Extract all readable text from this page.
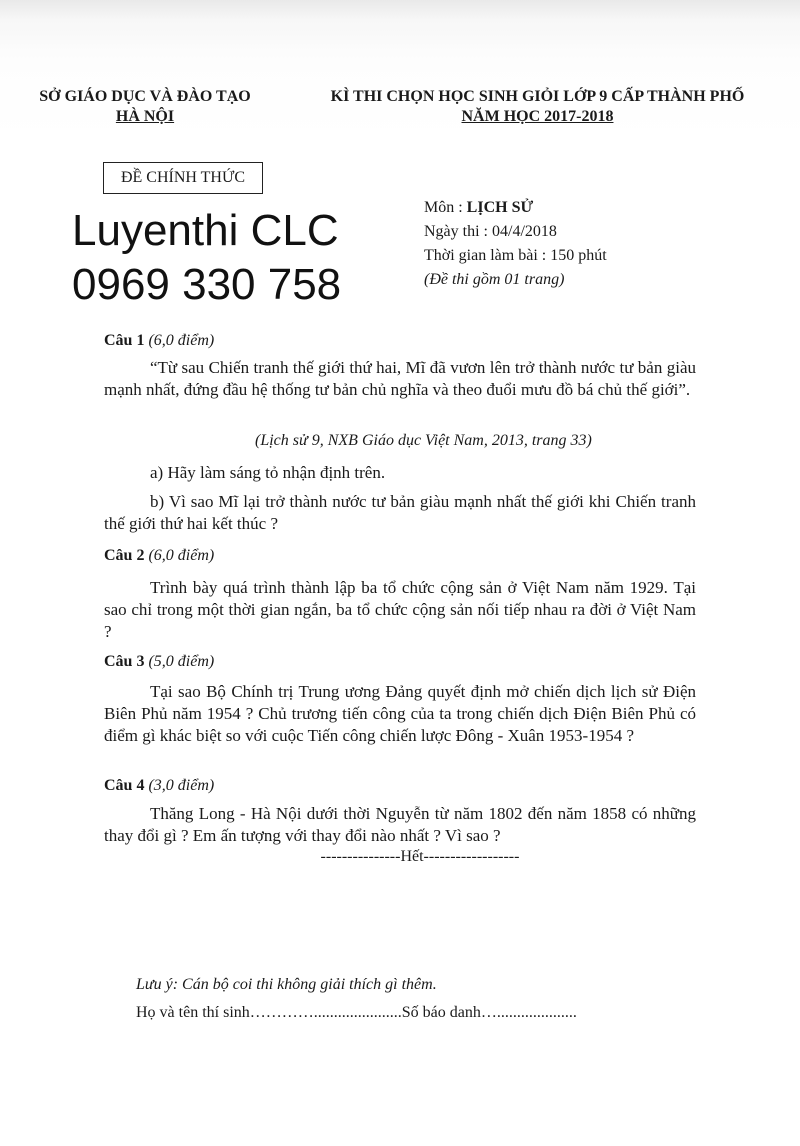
SỞ GIÁO DỤC VÀ ĐÀO TẠO
HÀ NỘI
KÌ THI CHỌN HỌC SINH GIỎI LỚP 9 CẤP THÀNH PHỐ
NĂM HỌC 2017-2018
ĐỀ CHÍNH THỨC
Luyenthi CLC
0969 330 758
Môn : LỊCH SỬ
Ngày thi : 04/4/2018
Thời gian làm bài : 150 phút
(Đề thi gồm 01 trang)
Câu 1 (6,0 điểm)
“Từ sau Chiến tranh thế giới thứ hai, Mĩ đã vươn lên trở thành nước tư bản giàu mạnh nhất, đứng đầu hệ thống tư bản chủ nghĩa và theo đuổi mưu đồ bá chủ thế giới”.
(Lịch sử 9, NXB Giáo dục Việt Nam, 2013, trang 33)
a) Hãy làm sáng tỏ nhận định trên.
b) Vì sao Mĩ lại trở thành nước tư bản giàu mạnh nhất thế giới khi Chiến tranh thế giới thứ hai kết thúc ?
Câu 2 (6,0 điểm)
Trình bày quá trình thành lập ba tổ chức cộng sản ở Việt Nam năm 1929. Tại sao chỉ trong một thời gian ngắn, ba tổ chức cộng sản nối tiếp nhau ra đời ở Việt Nam ?
Câu 3 (5,0 điểm)
Tại sao Bộ Chính trị Trung ương Đảng quyết định mở chiến dịch lịch sử Điện Biên Phủ năm 1954 ? Chủ trương tiến công của ta trong chiến dịch Điện Biên Phủ có điểm gì khác biệt so với cuộc Tiến công chiến lược Đông - Xuân 1953-1954 ?
Câu 4 (3,0 điểm)
Thăng Long - Hà Nội dưới thời Nguyễn từ năm 1802 đến năm 1858 có những thay đổi gì ? Em ấn tượng với thay đổi nào nhất ? Vì sao ?
---------------Hết------------------
Lưu ý: Cán bộ coi thi không giải thích gì thêm.
Họ và tên thí sinh…………......................Số báo danh…....................
